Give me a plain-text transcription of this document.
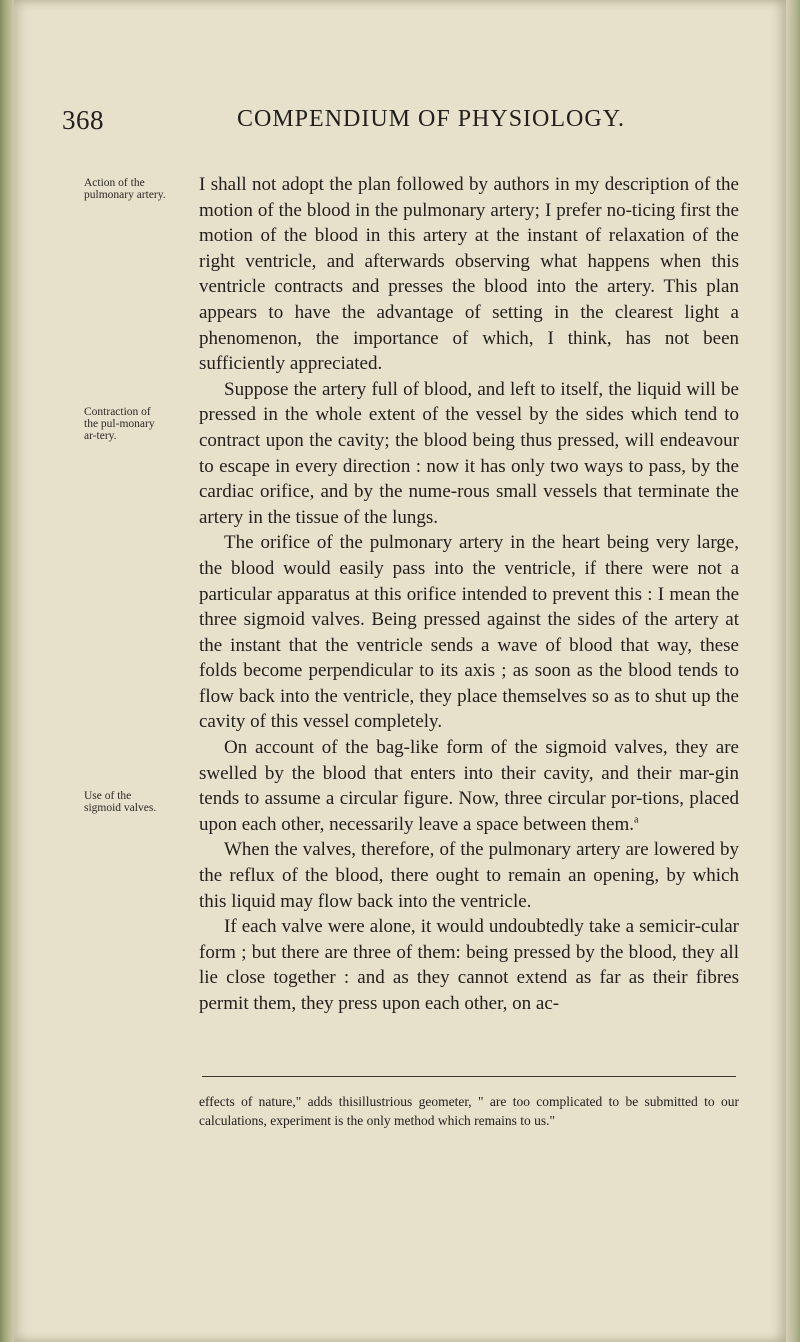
368	COMPENDIUM OF PHYSIOLOGY.
Action of the pulmonary artery.
Contraction of the pul-monary ar-tery.
Use of the sigmoid valves.

I shall not adopt the plan followed by authors in my description of the motion of the blood in the pulmonary artery; I prefer no-ticing first the motion of the blood in this artery at the instant of relaxation of the right ventricle, and afterwards observing what happens when this ventricle contracts and presses the blood into the artery. This plan appears to have the advantage of setting in the clearest light a phenomenon, the importance of which, I think, has not been sufficiently appreciated.

Suppose the artery full of blood, and left to itself, the liquid will be pressed in the whole extent of the vessel by the sides which tend to contract upon the cavity; the blood being thus pressed, will endeavour to escape in every direction : now it has only two ways to pass, by the cardiac orifice, and by the nume-rous small vessels that terminate the artery in the tissue of the lungs.

The orifice of the pulmonary artery in the heart being very large, the blood would easily pass into the ventricle, if there were not a particular apparatus at this orifice intended to prevent this : I mean the three sigmoid valves. Being pressed against the sides of the artery at the instant that the ventricle sends a wave of blood that way, these folds become perpendicular to its axis ; as soon as the blood tends to flow back into the ventricle, they place themselves so as to shut up the cavity of this vessel completely.

On account of the bag-like form of the sigmoid valves, they are swelled by the blood that enters into their cavity, and their mar-gin tends to assume a circular figure. Now, three circular por-tions, placed upon each other, necessarily leave a space between them.$^a$

When the valves, therefore, of the pulmonary artery are lowered by the reflux of the blood, there ought to remain an opening, by which this liquid may flow back into the ventricle.

If each valve were alone, it would undoubtedly take a semicir-cular form ; but there are three of them: being pressed by the blood, they all lie close together : and as they cannot extend as far as their fibres permit them, they press upon each other, on ac-

effects of nature," adds thisillustrious geometer, " are too complicated to be submitted to our calculations, experiment is the only method which remains to us."
